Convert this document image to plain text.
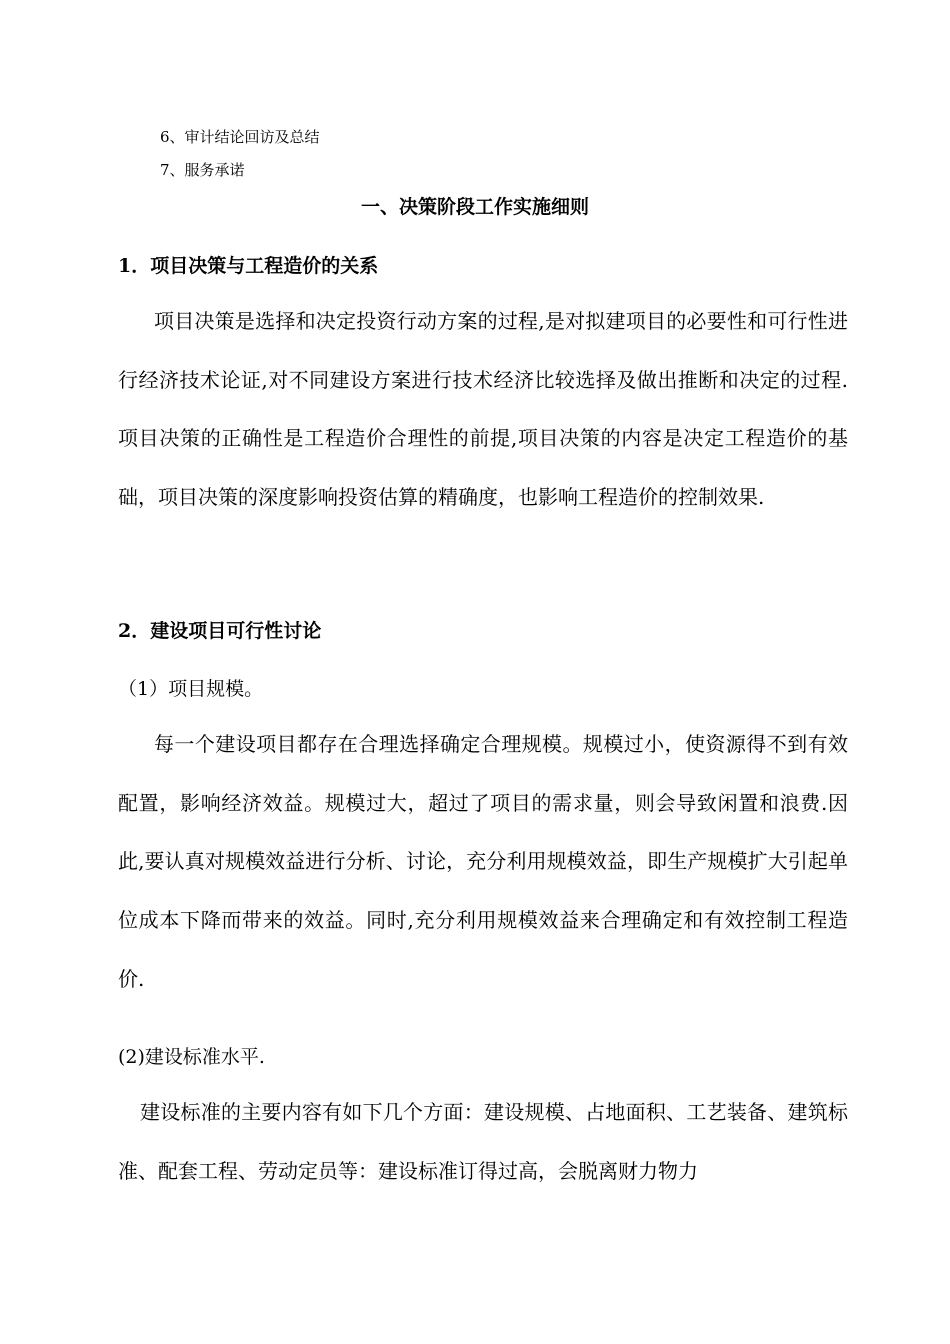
6、审计结论回访及总结
7、服务承诺
一、决策阶段工作实施细则
1．项目决策与工程造价的关系

项目决策是选择和决定投资行动方案的过程,是对拟建项目的必要性和可行性进行经济技术论证,对不同建设方案进行技术经济比较选择及做出推断和决定的过程.项目决策的正确性是工程造价合理性的前提,项目决策的内容是决定工程造价的基础，项目决策的深度影响投资估算的精确度，也影响工程造价的控制效果.

2．建设项目可行性讨论
（1）项目规模。

每一个建设项目都存在合理选择确定合理规模。规模过小，使资源得不到有效配置，影响经济效益。规模过大，超过了项目的需求量，则会导致闲置和浪费.因此,要认真对规模效益进行分析、讨论，充分利用规模效益，即生产规模扩大引起单位成本下降而带来的效益。同时,充分利用规模效益来合理确定和有效控制工程造价.

(2)建设标准水平.

建设标准的主要内容有如下几个方面：建设规模、占地面积、工艺装备、建筑标准、配套工程、劳动定员等：建设标准订得过高，会脱离财力物力
